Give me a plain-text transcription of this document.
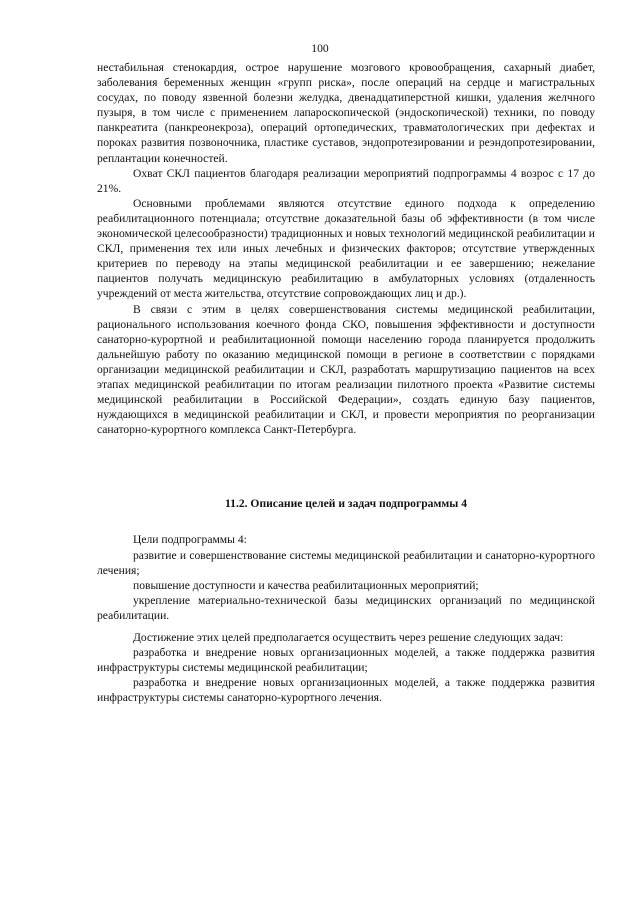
100

нестабильная стенокардия, острое нарушение мозгового кровообращения, сахарный диабет, заболевания беременных женщин «групп риска», после операций на сердце и магистральных сосудах, по поводу язвенной болезни желудка, двенадцатиперстной кишки, удаления желчного пузыря, в том числе с применением лапароскопической (эндоскопической) техники, по поводу панкреатита (панкреонекроза), операций ортопедических, травматологических при дефектах и пороках развития позвоночника, пластике суставов, эндопротезировании и реэндопротезировании, реплантации конечностей.

Охват СКЛ пациентов благодаря реализации мероприятий подпрограммы 4 возрос с 17 до 21%.

Основными проблемами являются отсутствие единого подхода к определению реабилитационного потенциала; отсутствие доказательной базы об эффективности (в том числе экономической целесообразности) традиционных и новых технологий медицинской реабилитации и СКЛ, применения тех или иных лечебных и физических факторов; отсутствие утвержденных критериев по переводу на этапы медицинской реабилитации и ее завершению; нежелание пациентов получать медицинскую реабилитацию в амбулаторных условиях (отдаленность учреждений от места жительства, отсутствие сопровождающих лиц и др.).

В связи с этим в целях совершенствования системы медицинской реабилитации, рационального использования коечного фонда СКО, повышения эффективности и доступности санаторно-курортной и реабилитационной помощи населению города планируется продолжить дальнейшую работу по оказанию медицинской помощи в регионе в соответствии с порядками организации медицинской реабилитации и СКЛ, разработать маршрутизацию пациентов на всех этапах медицинской реабилитации по итогам реализации пилотного проекта «Развитие системы медицинской реабилитации в Российской Федерации», создать единую базу пациентов, нуждающихся в медицинской реабилитации и СКЛ, и провести мероприятия по реорганизации санаторно-курортного комплекса Санкт-Петербурга.

11.2. Описание целей и задач подпрограммы 4

Цели подпрограммы 4:

развитие и совершенствование системы медицинской реабилитации и санаторно-курортного лечения;

повышение доступности и качества реабилитационных мероприятий;

укрепление материально-технической базы медицинских организаций по медицинской реабилитации.

Достижение этих целей предполагается осуществить через решение следующих задач:

разработка и внедрение новых организационных моделей, а также поддержка развития инфраструктуры системы медицинской реабилитации;

разработка и внедрение новых организационных моделей, а также поддержка развития инфраструктуры системы санаторно-курортного лечения.
